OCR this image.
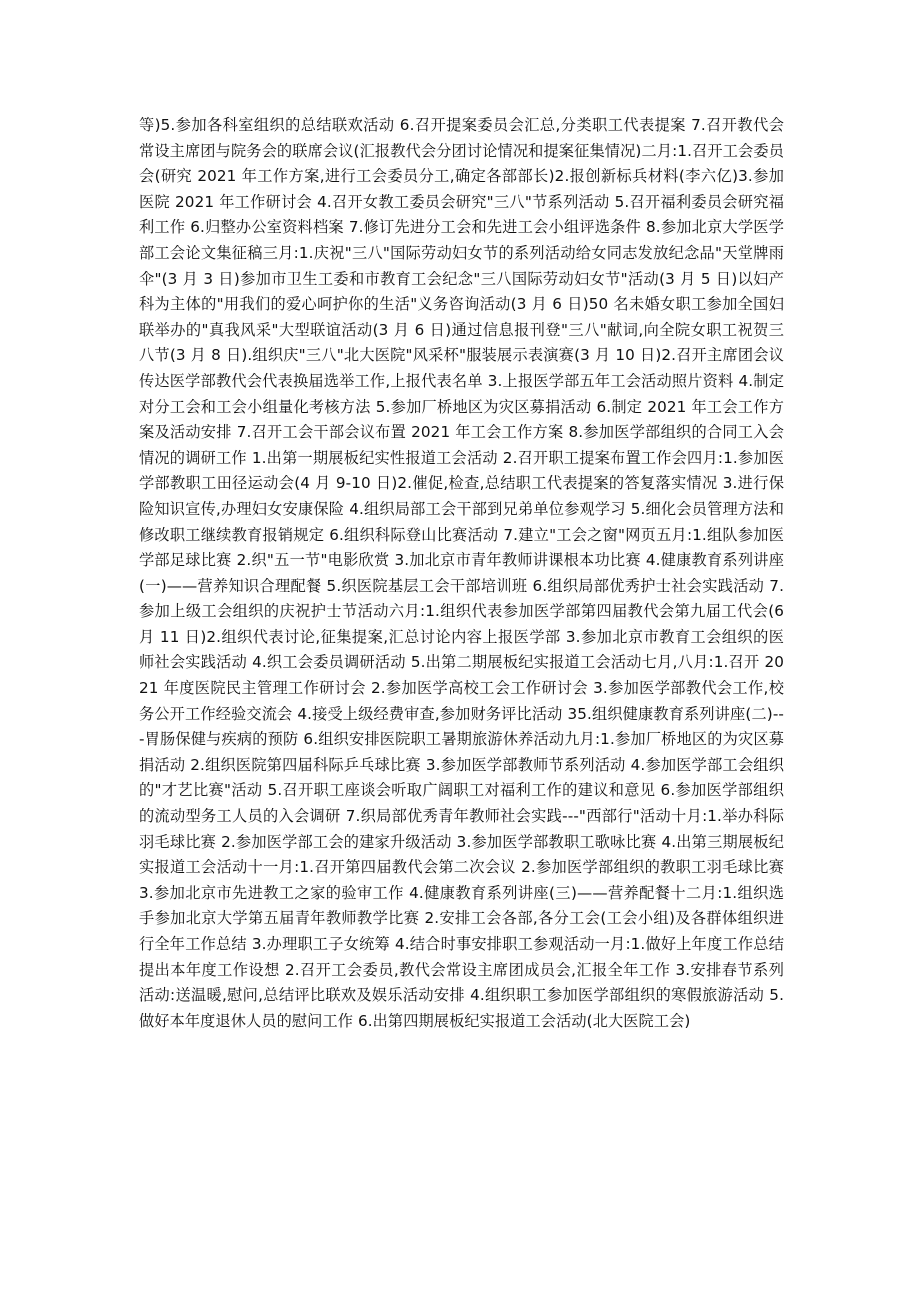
等)5.参加各科室组织的总结联欢活动 6.召开提案委员会汇总,分类职工代表提案 7.召开教代会常设主席团与院务会的联席会议(汇报教代会分团讨论情况和提案征集情况)二月:1.召开工会委员会(研究 2021 年工作方案,进行工会委员分工,确定各部部长)2.报创新标兵材料(李六亿)3.参加医院 2021 年工作研讨会 4.召开女教工委员会研究"三八"节系列活动 5.召开福利委员会研究福利工作 6.归整办公室资料档案 7.修订先进分工会和先进工会小组评选条件 8.参加北京大学医学部工会论文集征稿三月:1.庆祝"三八"国际劳动妇女节的系列活动给女同志发放纪念品"天堂牌雨伞"(3 月 3 日)参加市卫生工委和市教育工会纪念"三八国际劳动妇女节"活动(3 月 5 日)以妇产科为主体的"用我们的爱心呵护你的生活"义务咨询活动(3 月 6 日)50 名未婚女职工参加全国妇联举办的"真我风采"大型联谊活动(3 月 6 日)通过信息报刊登"三八"献词,向全院女职工祝贺三八节(3 月 8 日).组织庆"三八"北大医院"风采杯"服装展示表演赛(3 月 10 日)2.召开主席团会议传达医学部教代会代表换届选举工作,上报代表名单 3.上报医学部五年工会活动照片资料 4.制定对分工会和工会小组量化考核方法 5.参加厂桥地区为灾区募捐活动 6.制定 2021 年工会工作方案及活动安排 7.召开工会干部会议布置 2021 年工会工作方案 8.参加医学部组织的合同工入会情况的调研工作 1.出第一期展板纪实性报道工会活动 2.召开职工提案布置工作会四月:1.参加医学部教职工田径运动会(4 月 9-10 日)2.催促,检查,总结职工代表提案的答复落实情况 3.进行保险知识宣传,办理妇女安康保险 4.组织局部工会干部到兄弟单位参观学习 5.细化会员管理方法和修改职工继续教育报销规定 6.组织科际登山比赛活动 7.建立"工会之窗"网页五月:1.组队参加医学部足球比赛 2.织"五一节"电影欣赏 3.加北京市青年教师讲课根本功比赛 4.健康教育系列讲座(一)——营养知识合理配餐 5.织医院基层工会干部培训班 6.组织局部优秀护士社会实践活动 7.参加上级工会组织的庆祝护士节活动六月:1.组织代表参加医学部第四届教代会第九届工代会(6 月 11 日)2.组织代表讨论,征集提案,汇总讨论内容上报医学部 3.参加北京市教育工会组织的医师社会实践活动 4.织工会委员调研活动 5.出第二期展板纪实报道工会活动七月,八月:1.召开 2021 年度医院民主管理工作研讨会 2.参加医学高校工会工作研讨会 3.参加医学部教代会工作,校务公开工作经验交流会 4.接受上级经费审查,参加财务评比活动 35.组织健康教育系列讲座(二)---胃肠保健与疾病的预防 6.组织安排医院职工暑期旅游休养活动九月:1.参加厂桥地区的为灾区募捐活动 2.组织医院第四届科际乒乓球比赛 3.参加医学部教师节系列活动 4.参加医学部工会组织的"才艺比赛"活动 5.召开职工座谈会听取广阔职工对福利工作的建议和意见 6.参加医学部组织的流动型务工人员的入会调研 7.织局部优秀青年教师社会实践---"西部行"活动十月:1.举办科际羽毛球比赛 2.参加医学部工会的建家升级活动 3.参加医学部教职工歌咏比赛 4.出第三期展板纪实报道工会活动十一月:1.召开第四届教代会第二次会议 2.参加医学部组织的教职工羽毛球比赛 3.参加北京市先进教工之家的验审工作 4.健康教育系列讲座(三)——营养配餐十二月:1.组织选手参加北京大学第五届青年教师教学比赛 2.安排工会各部,各分工会(工会小组)及各群体组织进行全年工作总结 3.办理职工子女统筹 4.结合时事安排职工参观活动一月:1.做好上年度工作总结提出本年度工作设想 2.召开工会委员,教代会常设主席团成员会,汇报全年工作 3.安排春节系列活动:送温暖,慰问,总结评比联欢及娱乐活动安排 4.组织职工参加医学部组织的寒假旅游活动 5.做好本年度退休人员的慰问工作 6.出第四期展板纪实报道工会活动(北大医院工会)
